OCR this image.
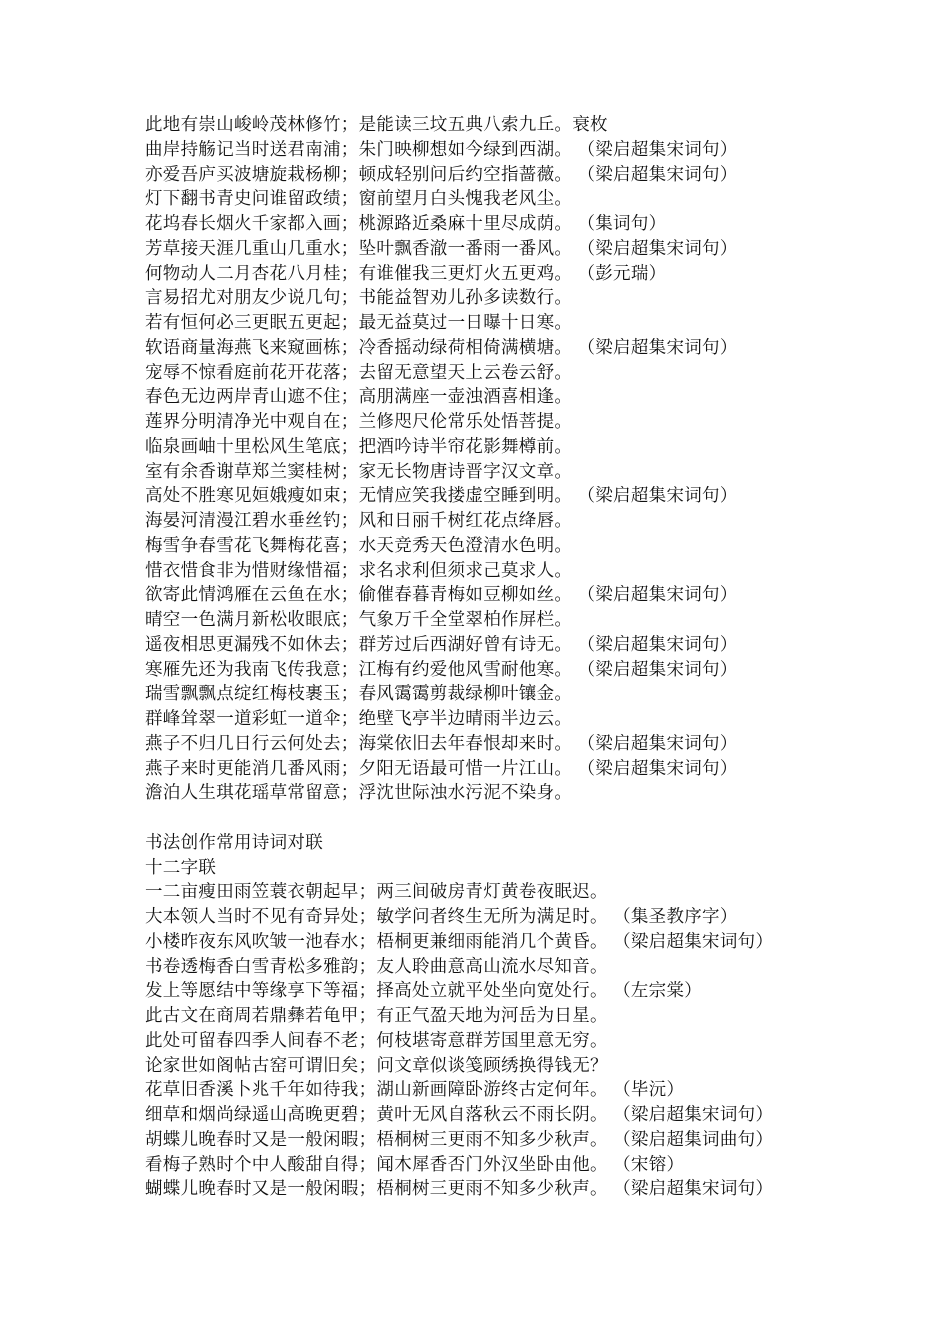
此地有崇山峻岭茂林修竹；是能读三坟五典八索九丘。衰枚
曲岸持觞记当时送君南浦；朱门映柳想如今绿到西湖。 （梁启超集宋词句）
亦爱吾庐买波塘旋栽杨柳；顿成轻别问后约空指蔷薇。 （梁启超集宋词句）
灯下翻书青史问谁留政绩；窗前望月白头愧我老风尘。
花坞春长烟火千家都入画；桃源路近桑麻十里尽成荫。 （集词句）
芳草接天涯几重山几重水；坠叶飘香澈一番雨一番风。 （梁启超集宋词句）
何物动人二月杏花八月桂；有谁催我三更灯火五更鸡。 （彭元瑞）
言易招尤对朋友少说几句；书能益智劝儿孙多读数行。
若有恒何必三更眠五更起；最无益莫过一日曝十日寒。
软语商量海燕飞来窥画栋；冷香摇动绿荷相倚满横塘。 （梁启超集宋词句）
宠辱不惊看庭前花开花落；去留无意望天上云卷云舒。
春色无边两岸青山遮不住；高朋满座一壶浊酒喜相逢。
莲界分明清净光中观自在；兰修咫尺伦常乐处悟菩提。
临泉画岫十里松风生笔底；把酒吟诗半帘花影舞樽前。
室有余香谢草郑兰窦桂树；家无长物唐诗晋字汉文章。
高处不胜寒见姮娥瘦如束；无情应笑我搂虚空睡到明。 （梁启超集宋词句）
海晏河清漫江碧水垂丝钓；风和日丽千树红花点绛唇。
梅雪争春雪花飞舞梅花喜；水天竞秀天色澄清水色明。
惜衣惜食非为惜财缘惜福；求名求利但须求己莫求人。
欲寄此情鸿雁在云鱼在水；偷催春暮青梅如豆柳如丝。 （梁启超集宋词句）
晴空一色满月新松收眼底；气象万千全堂翠柏作屏栏。
遥夜相思更漏残不如休去；群芳过后西湖好曾有诗无。 （梁启超集宋词句）
寒雁先还为我南飞传我意；江梅有约爱他风雪耐他寒。 （梁启超集宋词句）
瑞雪飘飘点绽红梅枝裹玉；春风霭霭剪裁绿柳叶镶金。
群峰耸翠一道彩虹一道伞；绝壁飞亭半边晴雨半边云。
燕子不归几日行云何处去；海棠依旧去年春恨却来时。 （梁启超集宋词句）
燕子来时更能消几番风雨；夕阳无语最可惜一片江山。 （梁启超集宋词句）
澹泊人生琪花瑶草常留意；浮沈世际浊水污泥不染身。
书法创作常用诗词对联
十二字联
一二亩瘦田雨笠蓑衣朝起早；两三间破房青灯黄卷夜眠迟。
大本领人当时不见有奇异处；敏学问者终生无所为满足时。 （集圣教序字）
小楼昨夜东风吹皱一池春水；梧桐更兼细雨能消几个黄昏。 （梁启超集宋词句）
书卷透梅香白雪青松多雅韵；友人聆曲意高山流水尽知音。
发上等愿结中等缘享下等福；择高处立就平处坐向宽处行。 （左宗棠）
此古文在商周若鼎彝若龟甲；有正气盈天地为河岳为日星。
此处可留春四季人间春不老；何枝堪寄意群芳国里意无穷。
论家世如阁帖古窑可谓旧矣；问文章似谈笺顾绣换得钱无？
花草旧香溪卜兆千年如待我；湖山新画障卧游终古定何年。 （毕沅）
细草和烟尚绿遥山高晚更碧；黄叶无风自落秋云不雨长阴。 （梁启超集宋词句）
胡蝶儿晚春时又是一般闲暇；梧桐树三更雨不知多少秋声。 （梁启超集词曲句）
看梅子熟时个中人酸甜自得；闻木犀香否门外汉坐卧由他。 （宋镕）
蝴蝶儿晚春时又是一般闲暇；梧桐树三更雨不知多少秋声。 （梁启超集宋词句）
